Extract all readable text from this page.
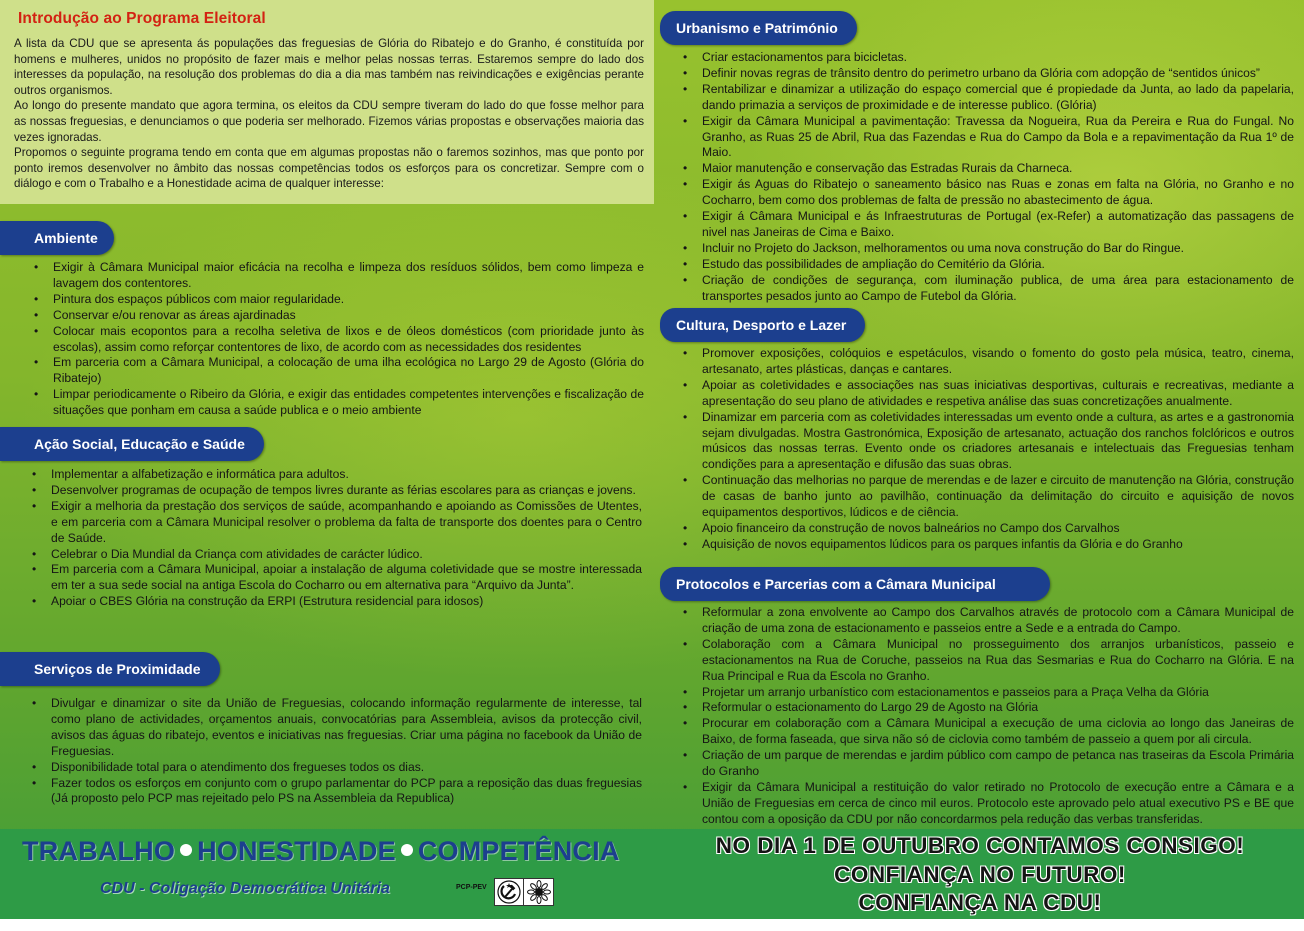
Introdução ao Programa Eleitoral

A lista da CDU que se apresenta ás populações das freguesias de Glória do Ribatejo e do Granho, é constituída por homens e mulheres, unidos no propósito de fazer mais e melhor pelas nossas terras. Estaremos sempre do lado dos interesses da população, na resolução dos problemas do dia a dia mas também nas reivindicações e exigências perante outros organismos.

Ao longo do presente mandato que agora termina, os eleitos da CDU sempre tiveram do lado do que fosse melhor para as nossas freguesias, e denunciamos o que poderia ser melhorado. Fizemos várias propostas e observações maioria das vezes ignoradas.

Propomos o seguinte programa tendo em conta que em algumas propostas não o faremos sozinhos, mas que ponto por ponto iremos desenvolver no âmbito das nossas competências todos os esforços para os concretizar. Sempre com o diálogo e com o Trabalho e a Honestidade acima de qualquer interesse:

Ambiente
• Exigir à Câmara Municipal maior eficácia na recolha e limpeza dos resíduos sólidos, bem como limpeza e lavagem dos contentores.
• Pintura dos espaços públicos com maior regularidade.
• Conservar e/ou renovar as áreas ajardinadas
• Colocar mais ecopontos para a recolha seletiva de lixos e de óleos domésticos (com prioridade junto às escolas), assim como reforçar contentores de lixo, de acordo com as necessidades dos residentes
• Em parceria com a Câmara Municipal, a colocação de uma ilha ecológica no Largo 29 de Agosto (Glória do Ribatejo)
• Limpar periodicamente o Ribeiro da Glória, e exigir das entidades competentes intervenções e fiscalização de situações que ponham em causa a saúde publica e o meio ambiente
Ação Social, Educação e Saúde
• Implementar a alfabetização e informática para adultos.
• Desenvolver programas de ocupação de tempos livres durante as férias escolares para as crianças e jovens.
• Exigir a melhoria da prestação dos serviços de saúde, acompanhando e apoiando as Comissões de Utentes, e em parceria com a Câmara Municipal resolver o problema da falta de transporte dos doentes para o Centro de Saúde.
• Celebrar o Dia Mundial da Criança com atividades de carácter lúdico.
• Em parceria com a Câmara Municipal, apoiar a instalação de alguma coletividade que se mostre interessada em ter a sua sede social na antiga Escola do Cocharro ou em alternativa para “Arquivo da Junta”.
• Apoiar o CBES Glória na construção da ERPI (Estrutura residencial para idosos)
Serviços de Proximidade
• Divulgar e dinamizar o site da União de Freguesias, colocando informação regularmente de interesse, tal como plano de actividades, orçamentos anuais, convocatórias para Assembleia, avisos da protecção civil, avisos das águas do ribatejo, eventos e iniciativas nas freguesias. Criar uma página no facebook da União de Freguesias.
• Disponibilidade total para o atendimento dos fregueses todos os dias.
• Fazer todos os esforços em conjunto com o grupo parlamentar do PCP para a reposição das duas freguesias (Já proposto pelo PCP mas rejeitado pelo PS na Assembleia da Republica)
Urbanismo e Património
• Criar estacionamentos para bicicletas.
• Definir novas regras de trânsito dentro do perimetro urbano da Glória com adopção de “sentidos únicos”
• Rentabilizar e dinamizar a utilização do espaço comercial que é propiedade da Junta, ao lado da papelaria, dando primazia a serviços de proximidade e de interesse publico. (Glória)
• Exigir da Câmara Municipal a pavimentação: Travessa da Nogueira, Rua da Pereira e Rua do Fungal. No Granho, as Ruas 25 de Abril, Rua das Fazendas e Rua do Campo da Bola e a repavimentação da Rua 1º de Maio.
• Maior manutenção e conservação das Estradas Rurais da Charneca.
• Exigir ás Aguas do Ribatejo o saneamento básico nas Ruas e zonas em falta na Glória, no Granho e no Cocharro, bem como dos problemas de falta de pressão no abastecimento de água.
• Exigir á Câmara Municipal e ás Infraestruturas de Portugal (ex-Refer) a automatização das passagens de nivel nas Janeiras de Cima e Baixo.
• Incluir no Projeto do Jackson, melhoramentos ou uma nova construção do Bar do Ringue.
• Estudo das possibilidades de ampliação do Cemitério da Glória.
• Criação de condições de segurança, com iluminação publica, de uma área para estacionamento de transportes pesados junto ao Campo de Futebol da Glória.
Cultura, Desporto e Lazer
• Promover exposições, colóquios e espetáculos, visando o fomento do gosto pela música, teatro, cinema, artesanato, artes plásticas, danças e cantares.
• Apoiar as coletividades e associações nas suas iniciativas desportivas, culturais e recreativas, mediante a apresentação do seu plano de atividades e respetiva análise das suas concretizações anualmente.
• Dinamizar em parceria com as coletividades interessadas um evento onde a cultura, as artes e a gastronomia sejam divulgadas. Mostra Gastronómica, Exposição de artesanato, actuação dos ranchos folclóricos e outros músicos das nossas terras. Evento onde os criadores artesanais e intelectuais das Freguesias tenham condições para a apresentação e difusão das suas obras.
• Continuação das melhorias no parque de merendas e de lazer e circuito de manutenção na Glória, construção de casas de banho junto ao pavilhão, continuação da delimitação do circuito e aquisição de novos equipamentos desportivos, lúdicos e de ciência.
• Apoio financeiro da construção de novos balneários no Campo dos Carvalhos
• Aquisição de novos equipamentos lúdicos para os parques infantis da Glória e do Granho
Protocolos e Parcerias com a Câmara Municipal
• Reformular a zona envolvente ao Campo dos Carvalhos através de protocolo com a Câmara Municipal de criação de uma zona de estacionamento e passeios entre a Sede e a entrada do Campo.
• Colaboração com a Câmara Municipal no prosseguimento dos arranjos urbanísticos, passeio e estacionamentos na Rua de Coruche, passeios na Rua das Sesmarias e Rua do Cocharro na Glória. E na Rua Principal e Rua da Escola no Granho.
• Projetar um arranjo urbanístico com estacionamentos e passeios para a Praça Velha da Glória
• Reformular o estacionamento do Largo 29 de Agosto na Glória
• Procurar em colaboração com a Câmara Municipal a execução de uma ciclovia ao longo das Janeiras de Baixo, de forma faseada, que sirva não só de ciclovia como também de passeio a quem por ali circula.
• Criação de um parque de merendas e jardim público com campo de petanca nas traseiras da Escola Primária do Granho
• Exigir da Câmara Municipal a restituição do valor retirado no Protocolo de execução entre a Câmara e a União de Freguesias em cerca de cinco mil euros. Protocolo este aprovado pelo atual executivo PS e BE que contou com a oposição da CDU por não concordarmos pela redução das verbas transferidas.
TRABALHO HONESTIDADE COMPETÊNCIA
CDU - Coligação Democrática Unitária	PCP-PEV
NO DIA 1 DE OUTUBRO CONTAMOS CONSIGO!
CONFIANÇA NO FUTURO!
CONFIANÇA NA CDU!
